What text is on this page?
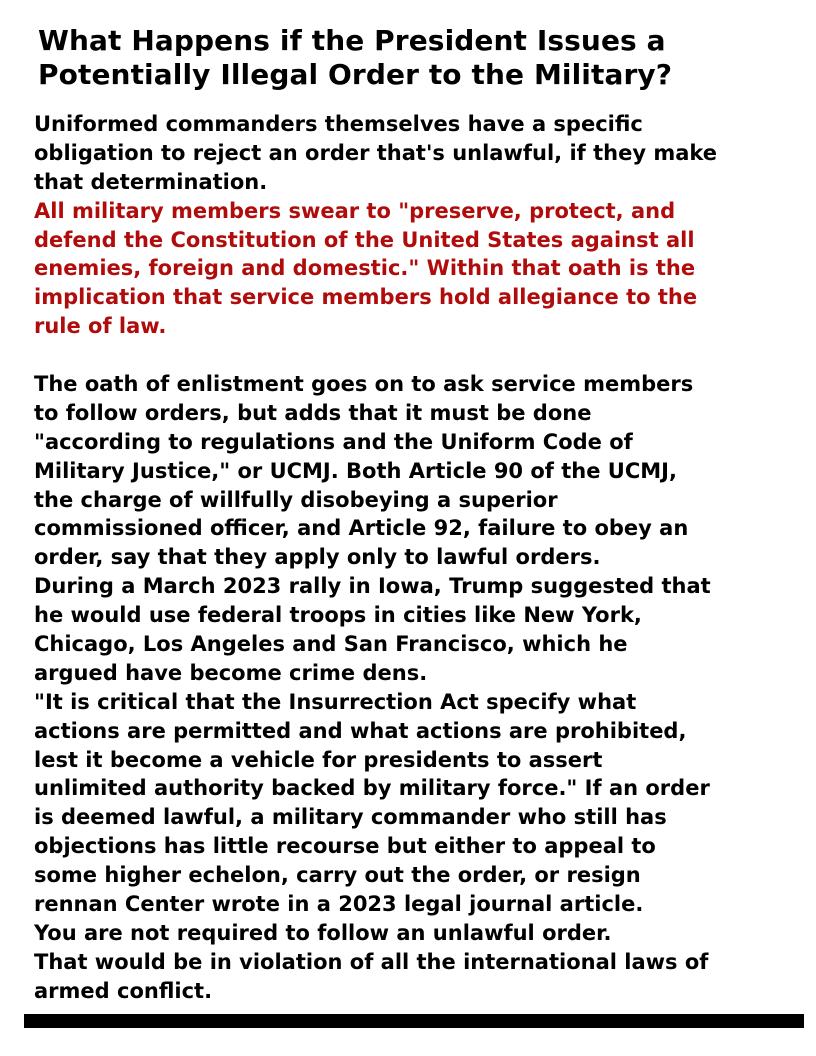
What Happens if the President Issues a
Potentially Illegal Order to the Military?
Uniformed commanders themselves have a specific
obligation to reject an order that's unlawful, if they make
that determination.
All military members swear to "preserve, protect, and
defend the Constitution of the United States against all
enemies, foreign and domestic." Within that oath is the
implication that service members hold allegiance to the
rule of law.
The oath of enlistment goes on to ask service members
to follow orders, but adds that it must be done
"according to regulations and the Uniform Code of
Military Justice," or UCMJ. Both Article 90 of the UCMJ,
the charge of willfully disobeying a superior
commissioned officer, and Article 92, failure to obey an
order, say that they apply only to lawful orders.
During a March 2023 rally in Iowa, Trump suggested that
he would use federal troops in cities like New York,
Chicago, Los Angeles and San Francisco, which he
argued have become crime dens.
"It is critical that the Insurrection Act specify what
actions are permitted and what actions are prohibited,
lest it become a vehicle for presidents to assert
unlimited authority backed by military force." If an order
is deemed lawful, a military commander who still has
objections has little recourse but either to appeal to
some higher echelon, carry out the order, or resign
rennan Center wrote in a 2023 legal journal article.
You are not required to follow an unlawful order.
That would be in violation of all the international laws of
armed conflict.
